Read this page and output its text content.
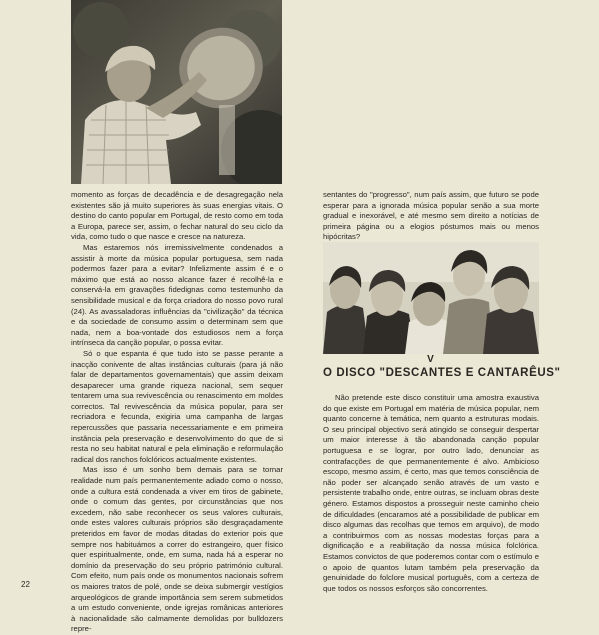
momento as forças de decadência e de desagregação nela existentes são já muito superiores às suas energias vitais. O destino do canto popular em Portugal, de resto como em toda a Europa, parece ser, assim, o fechar natural do seu ciclo da vida, como tudo o que nasce e cresce na natureza.

Mas estaremos nós irremissivelmente condenados a assistir à morte da música popular portuguesa, sem nada podermos fazer para a evitar? Infelizmente assim é e o máximo que está ao nosso alcance fazer é recolhê-la e conservá-la em gravações fidedignas como testemunho da sensibilidade musical e da força criadora do nosso povo rural (24). As avassaladoras influências da "civilização" da técnica e da sociedade de consumo assim o determinam sem que nada, nem a boa-vontade dos estudiosos nem a força intrínseca da canção popular, o possa evitar.

Só o que espanta é que tudo isto se passe perante a inacção conivente de altas instâncias culturais (para já não falar de departamentos governamentais) que assim deixam desaparecer uma grande riqueza nacional, sem sequer tentarem uma sua revivescência ou renascimento em moldes correctos. Tal revivescência da música popular, para ser recriadora e fecunda, exigiria uma campanha de largas repercussões que passaria necessariamente e em primeira instância pela preservação e desenvolvimento do que de si resta no seu habitat natural e pela eliminação e reformulação radical dos ranchos folclóricos actualmente existentes.

Mas isso é um sonho bem demais para se tornar realidade num país permanentemente adiado como o nosso, onde a cultura está condenada a viver em tiros de gabinete, onde o comum das gentes, por circunstâncias que nos excedem, não sabe reconhecer os seus valores culturais, onde estes valores culturais próprios são desgraçadamente preteridos em favor de modas ditadas do exterior pois que sempre nos habituámos a correr do estrangeiro, quer físico quer espiritualmente, onde, em suma, nada há a esperar no domínio da preservação do seu próprio património cultural. Com efeito, num país onde os monumentos nacionais sofrem os maiores tratos de polé, onde se deixa submergir vestígios arqueológicos de grande importância sem serem submetidos a um estudo conveniente, onde igrejas românicas anteriores à nacionalidade são calmamente demolidas por bulldozers repre-

sentantes do "progresso", num país assim, que futuro se pode esperar para a ignorada música popular senão a sua morte gradual e inexorável, e até mesmo sem direito a notícias de primeira página ou a elogios póstumos mais ou menos hipócritas?

V
O DISCO "DESCANTES E CANTARÊUS"

Não pretende este disco constituir uma amostra exaustiva do que existe em Portugal em matéria de música popular, nem quanto concerne à temática, nem quanto a estruturas modais. O seu principal objectivo será atingido se conseguir despertar um maior interesse à tão abandonada canção popular portuguesa e se lograr, por outro lado, denunciar as contrafacções de que permanentemente é alvo. Ambicioso escopo, mesmo assim, é certo, mas que temos consciência de não poder ser alcançado senão através de um vasto e persistente trabalho onde, entre outras, se incluam obras deste género. Estamos dispostos a prosseguir neste caminho cheio de dificuldades (encaramos até a possibilidade de publicar em disco algumas das recolhas que temos em arquivo), de modo a contribuirmos com as nossas modestas forças para a dignificação e a reabilitação da nossa música folclórica. Estamos convictos de que poderemos contar com o estímulo e o apoio de quantos lutam também pela preservação da genuinidade do folclore musical português, com a certeza de que todos os nossos esforços são concorrentes.

22
